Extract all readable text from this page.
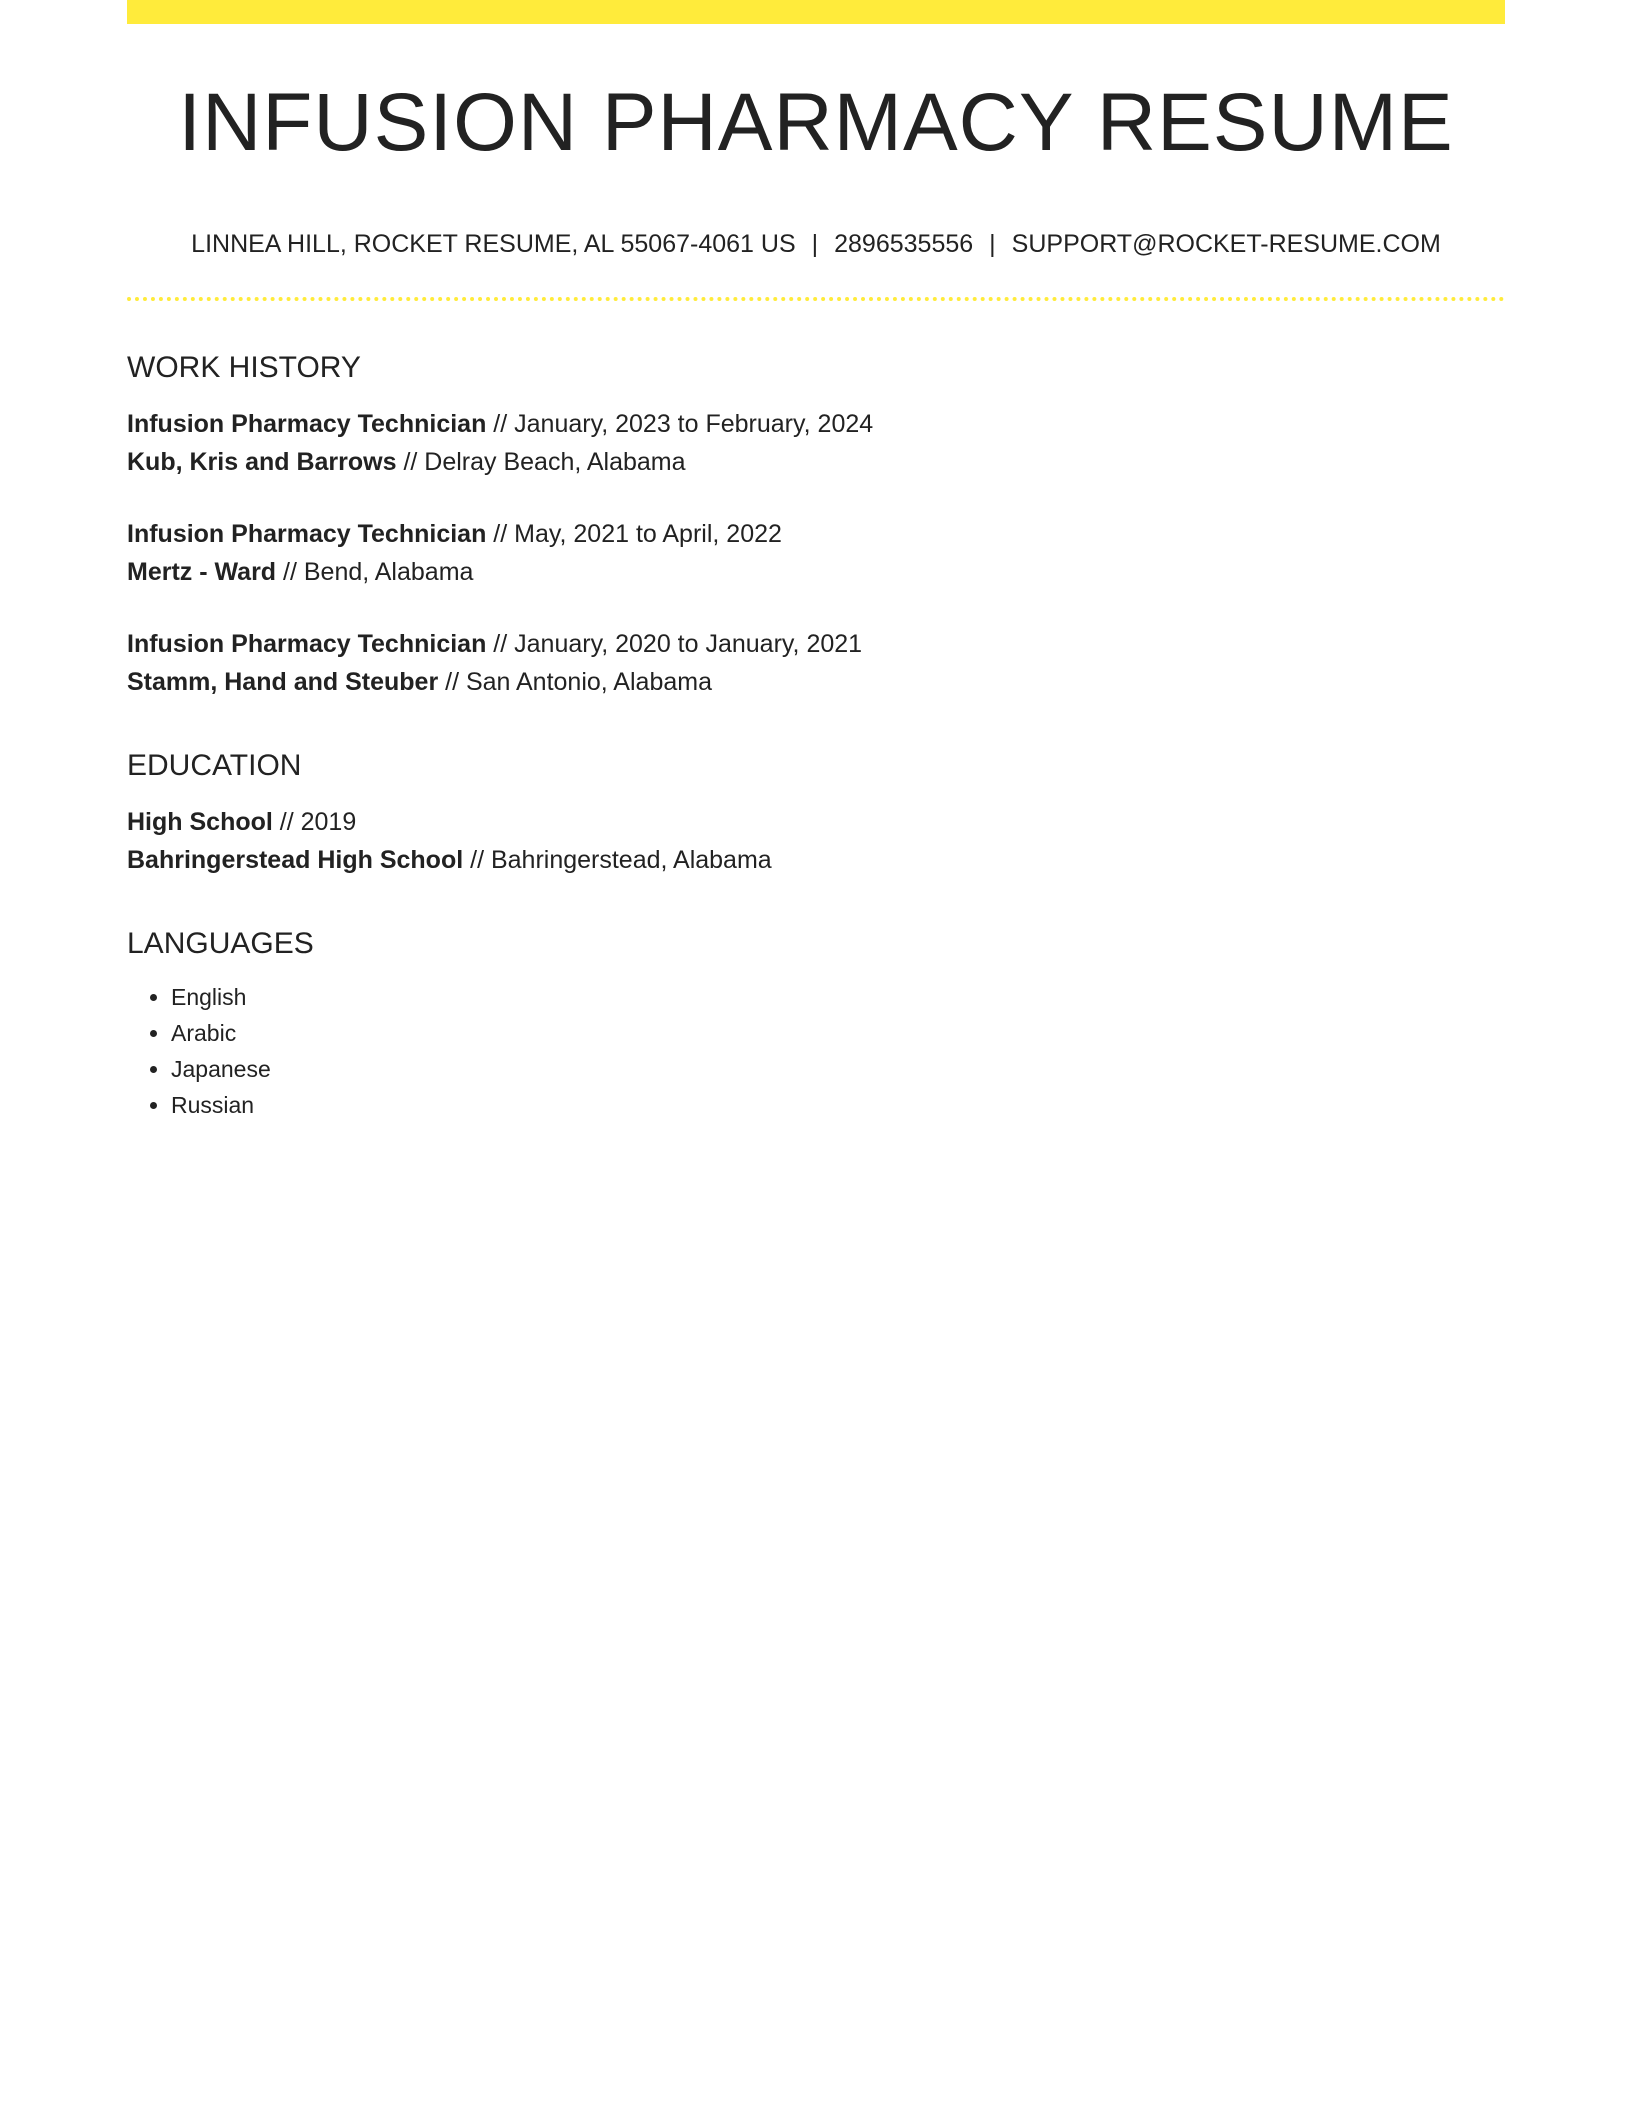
INFUSION PHARMACY RESUME
LINNEA HILL, ROCKET RESUME, AL 55067-4061 US | 2896535556 | SUPPORT@ROCKET-RESUME.COM
WORK HISTORY
Infusion Pharmacy Technician // January, 2023 to February, 2024
Kub, Kris and Barrows // Delray Beach, Alabama
Infusion Pharmacy Technician // May, 2021 to April, 2022
Mertz - Ward // Bend, Alabama
Infusion Pharmacy Technician // January, 2020 to January, 2021
Stamm, Hand and Steuber // San Antonio, Alabama
EDUCATION
High School // 2019
Bahringerstead High School // Bahringerstead, Alabama
LANGUAGES
• English
• Arabic
• Japanese
• Russian
